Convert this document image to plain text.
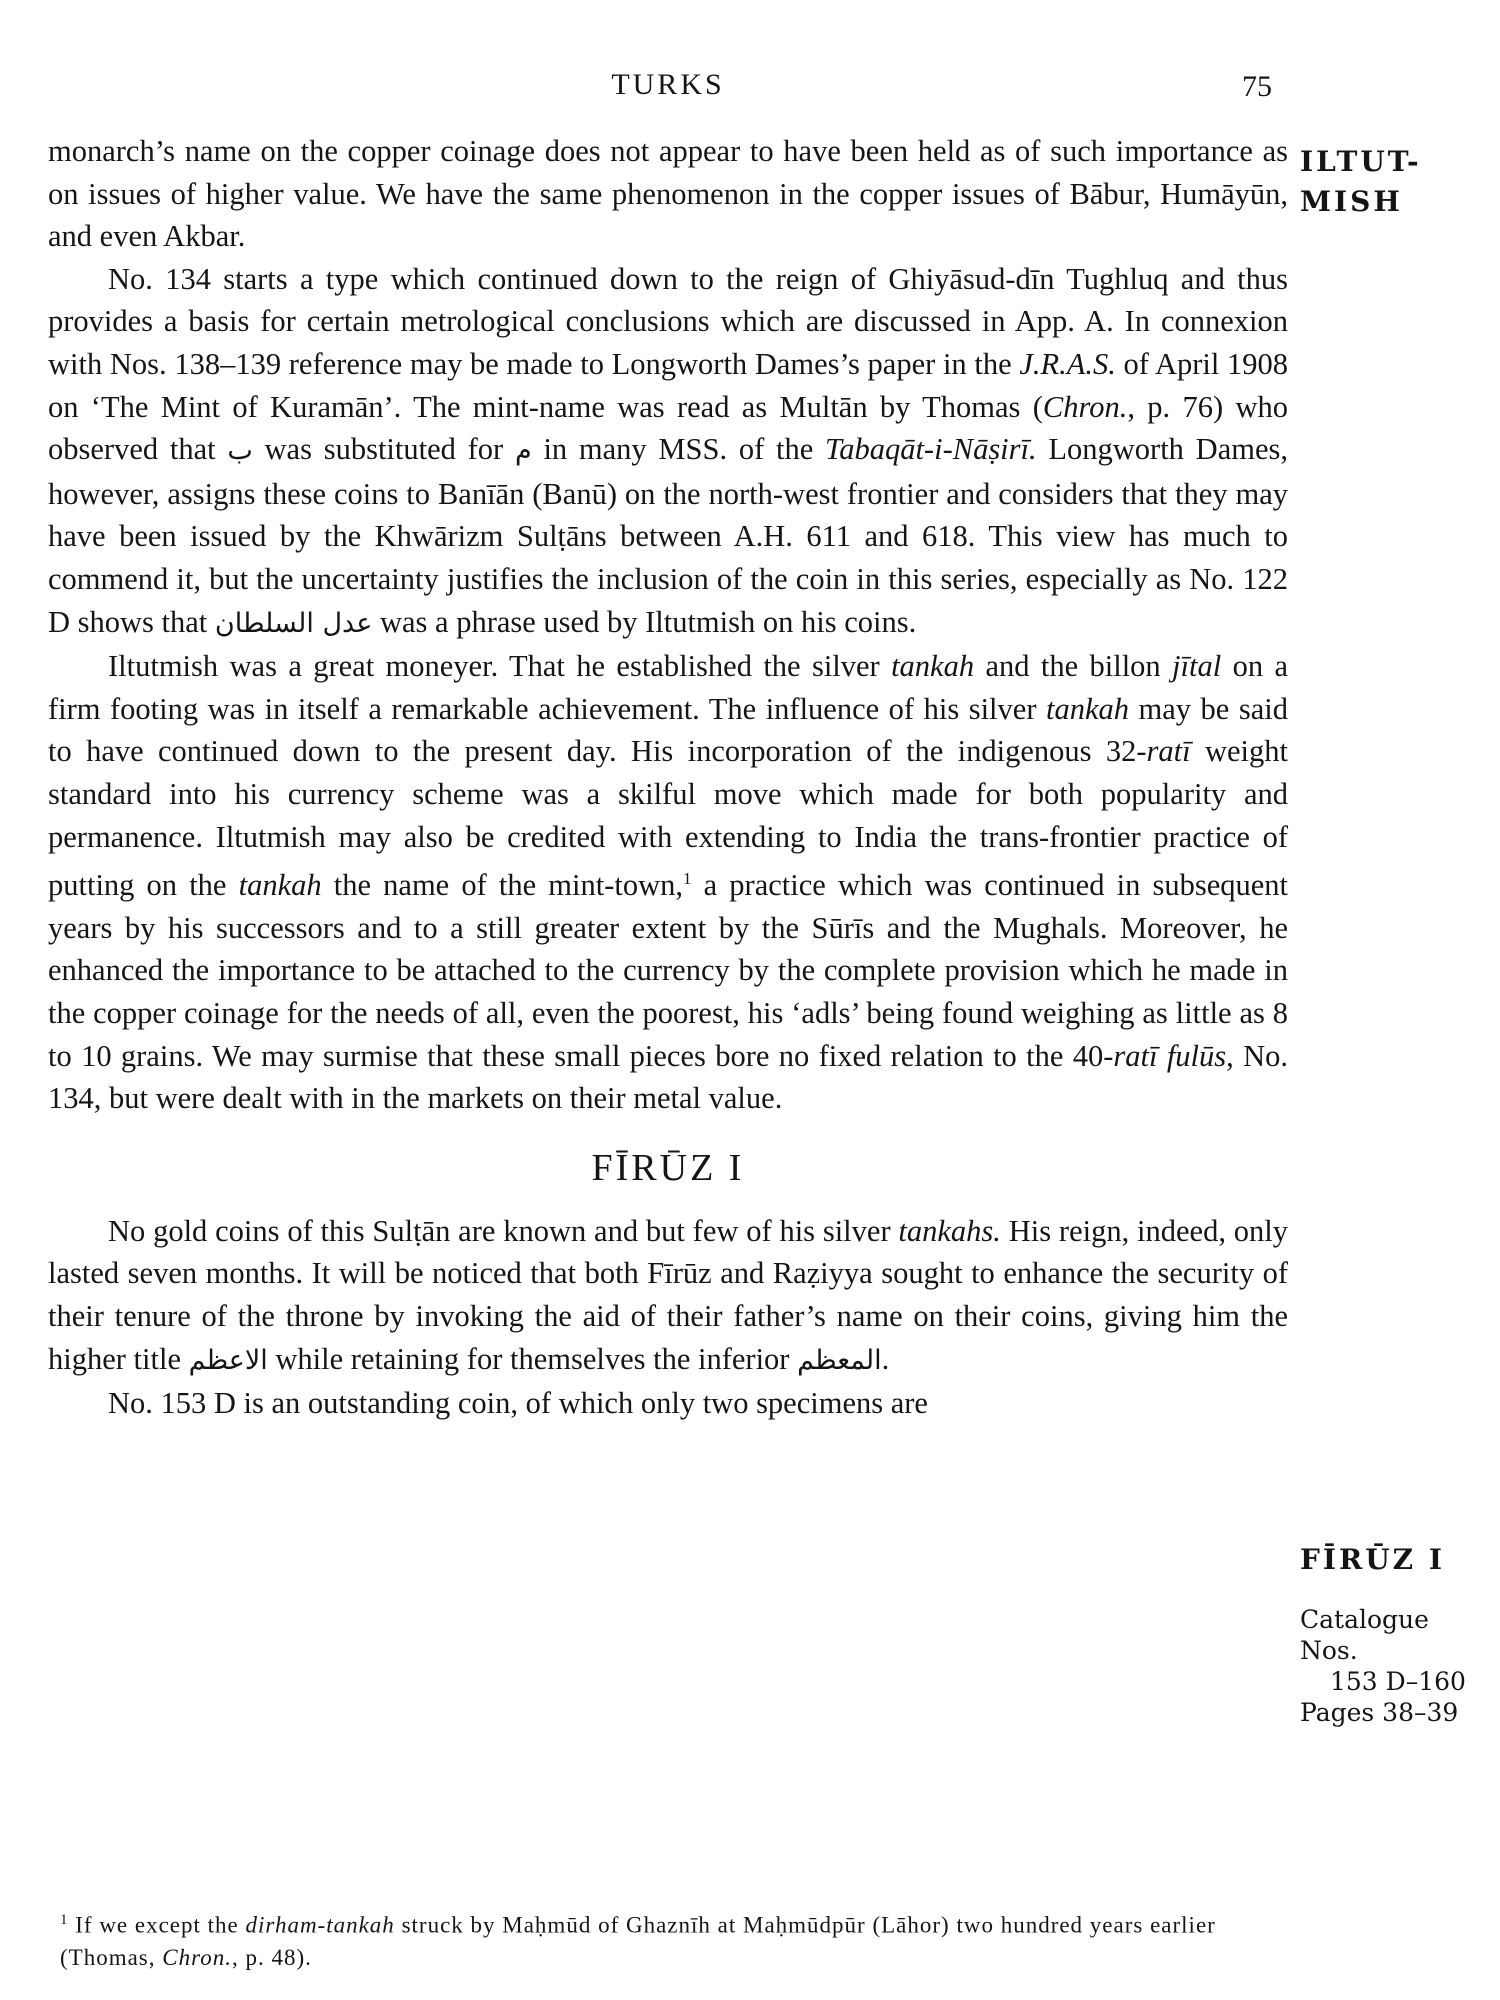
TURKS	75

monarch’s name on the copper coinage does not appear to have been held as of such importance as on issues of higher value. We have the same phenomenon in the copper issues of Bābur, Humāyūn, and even Akbar.

No. 134 starts a type which continued down to the reign of Ghiyāsud-dīn Tughluq and thus provides a basis for certain metrological conclusions which are discussed in App. A. In connexion with Nos. 138–139 reference may be made to Longworth Dames’s paper in the J.R.A.S. of April 1908 on ‘The Mint of Kuramān’. The mint-name was read as Multān by Thomas (Chron., p. 76) who observed that ب was substituted for م in many MSS. of the Tabaqāt-i-Nāṣirī. Longworth Dames, however, assigns these coins to Banīān (Banū) on the north-west frontier and considers that they may have been issued by the Khwārizm Sulṭāns between A.H. 611 and 618. This view has much to commend it, but the uncertainty justifies the inclusion of the coin in this series, especially as No. 122 D shows that عدل السلطان was a phrase used by Iltutmish on his coins.

Iltutmish was a great moneyer. That he established the silver tankah and the billon jītal on a firm footing was in itself a remarkable achievement. The influence of his silver tankah may be said to have continued down to the present day. His incorporation of the indigenous 32-ratī weight standard into his currency scheme was a skilful move which made for both popularity and permanence. Iltutmish may also be credited with extending to India the trans-frontier practice of putting on the tankah the name of the mint-town,$^1$ a practice which was continued in subsequent years by his successors and to a still greater extent by the Sūrīs and the Mughals. Moreover, he enhanced the importance to be attached to the currency by the complete provision which he made in the copper coinage for the needs of all, even the poorest, his ‘adls’ being found weighing as little as 8 to 10 grains. We may surmise that these small pieces bore no fixed relation to the 40-ratī fulūs, No. 134, but were dealt with in the markets on their metal value.

FĪRŪZ I

No gold coins of this Sulṭān are known and but few of his silver tankahs. His reign, indeed, only lasted seven months. It will be noticed that both Fīrūz and Raẓiyya sought to enhance the security of their tenure of the throne by invoking the aid of their father’s name on their coins, giving him the higher title الاعظم while retaining for themselves the inferior المعظم.

No. 153 D is an outstanding coin, of which only two specimens are

ILTUT-
MISH
FĪRŪZ I
Catalogue
Nos.
153 D–160
Pages 38–39
$^1$ If we except the dirham-tankah struck by Maḥmūd of Ghaznīh at Maḥmūdpūr (Lāhor) two hundred years earlier (Thomas, Chron., p. 48).
